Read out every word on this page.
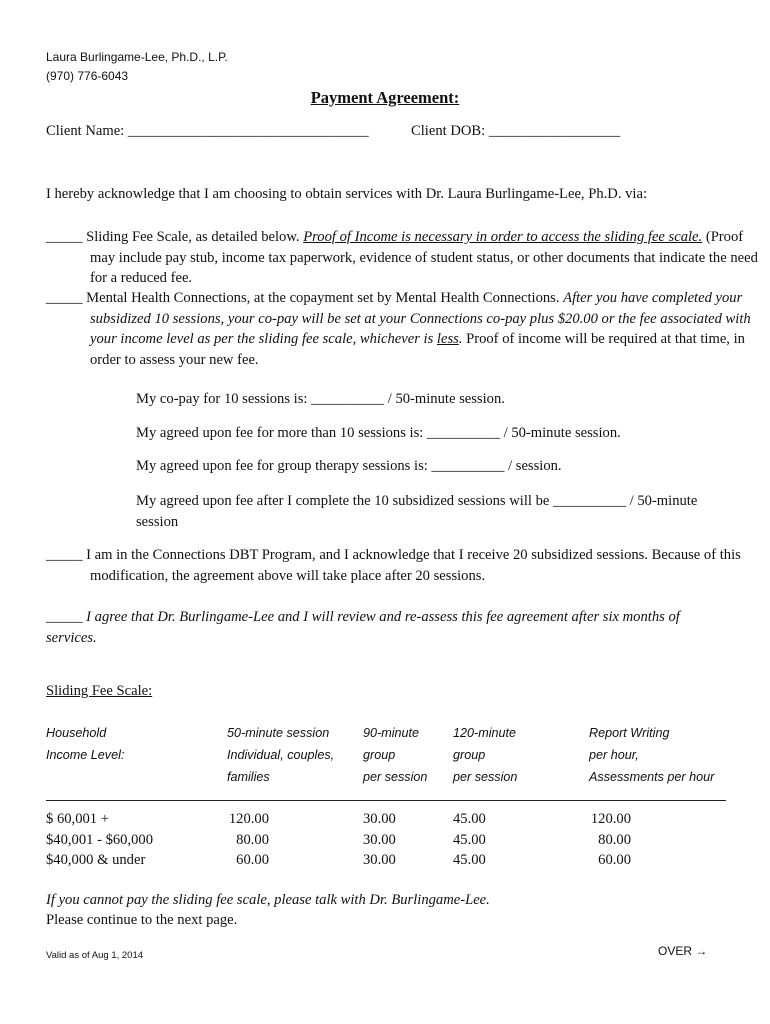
Laura Burlingame-Lee, Ph.D., L.P.
(970) 776-6043
Payment Agreement:
Client Name: _________________________________	Client DOB: __________________
I hereby acknowledge that I am choosing to obtain services with Dr. Laura Burlingame-Lee, Ph.D. via:
_____ Sliding Fee Scale, as detailed below. Proof of Income is necessary in order to access the sliding fee scale. (Proof may include pay stub, income tax paperwork, evidence of student status, or other documents that indicate the need for a reduced fee.
_____ Mental Health Connections, at the copayment set by Mental Health Connections. After you have completed your subsidized 10 sessions, your co-pay will be set at your Connections co-pay plus $20.00 or the fee associated with your income level as per the sliding fee scale, whichever is less. Proof of income will be required at that time, in order to assess your new fee.
My co-pay for 10 sessions is: __________ / 50-minute session.
My agreed upon fee for more than 10 sessions is: __________ / 50-minute session.
My agreed upon fee for group therapy sessions is: __________ / session.
My agreed upon fee after I complete the 10 subsidized sessions will be __________ / 50-minute session
_____ I am in the Connections DBT Program, and I acknowledge that I receive 20 subsidized sessions. Because of this modification, the agreement above will take place after 20 sessions.
_____ I agree that Dr. Burlingame-Lee and I will review and re-assess this fee agreement after six months of services.
Sliding Fee Scale:
Household
Income Level:
50-minute session
Individual, couples,
families
90-minute
group
per session
120-minute
group
per session
Report Writing
per hour,
Assessments per hour
$ 60,001 +
$40,001 - $60,000
$40,000 & under
120.00
80.00
60.00
30.00
30.00
30.00
45.00
45.00
45.00
120.00
80.00
60.00
If you cannot pay the sliding fee scale, please talk with Dr. Burlingame-Lee.
Please continue to the next page.
Valid as of Aug 1, 2014	OVER →
